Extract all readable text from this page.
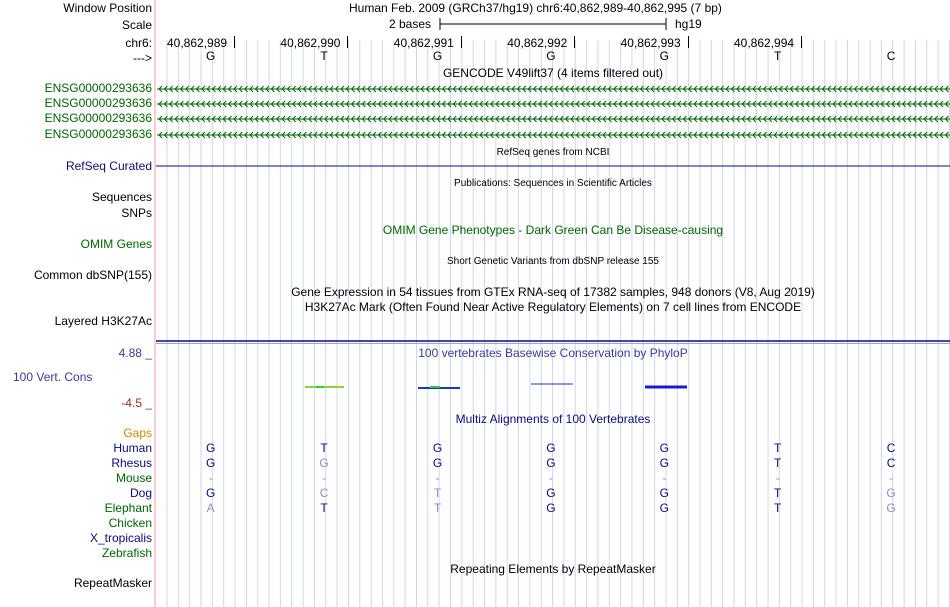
Window Position	Human Feb. 2009 (GRCh37/hg19) chr6:40,862,989-40,862,995 (7 bp)
Scale	2 bases	hg19
chr6: 40,862,989	40,862,990	40,862,991	40,862,992	40,862,993	40,862,994
--->	G	T	G	G	G	T	C
GENCODE V49lift37 (4 items filtered out)
ENSG00000293636
ENSG00000293636
ENSG00000293636
ENSG00000293636
RefSeq genes from NCBI
RefSeq Curated
Publications: Sequences in Scientific Articles
Sequences
SNPs
OMIM Gene Phenotypes - Dark Green Can Be Disease-causing
OMIM Genes
Short Genetic Variants from dbSNP release 155
Common dbSNP(155)
Gene Expression in 54 tissues from GTEx RNA-seq of 17382 samples, 948 donors (V8, Aug 2019)
H3K27Ac Mark (Often Found Near Active Regulatory Elements) on 7 cell lines from ENCODE
Layered H3K27Ac
4.88 _	100 vertebrates Basewise Conservation by PhyloP
100 Vert. Cons
-4.5 _
Multiz Alignments of 100 Vertebrates
Gaps
Human	G	T	G	G	G	T	C
Rhesus	G	G	G	G	G	T	C
Mouse	-	-	-	-	-	-	-
Dog	G	C	T	G	G	T	G
Elephant	A	T	T	G	G	T	G
Chicken
X_tropicalis
Zebrafish
Repeating Elements by RepeatMasker
RepeatMasker
